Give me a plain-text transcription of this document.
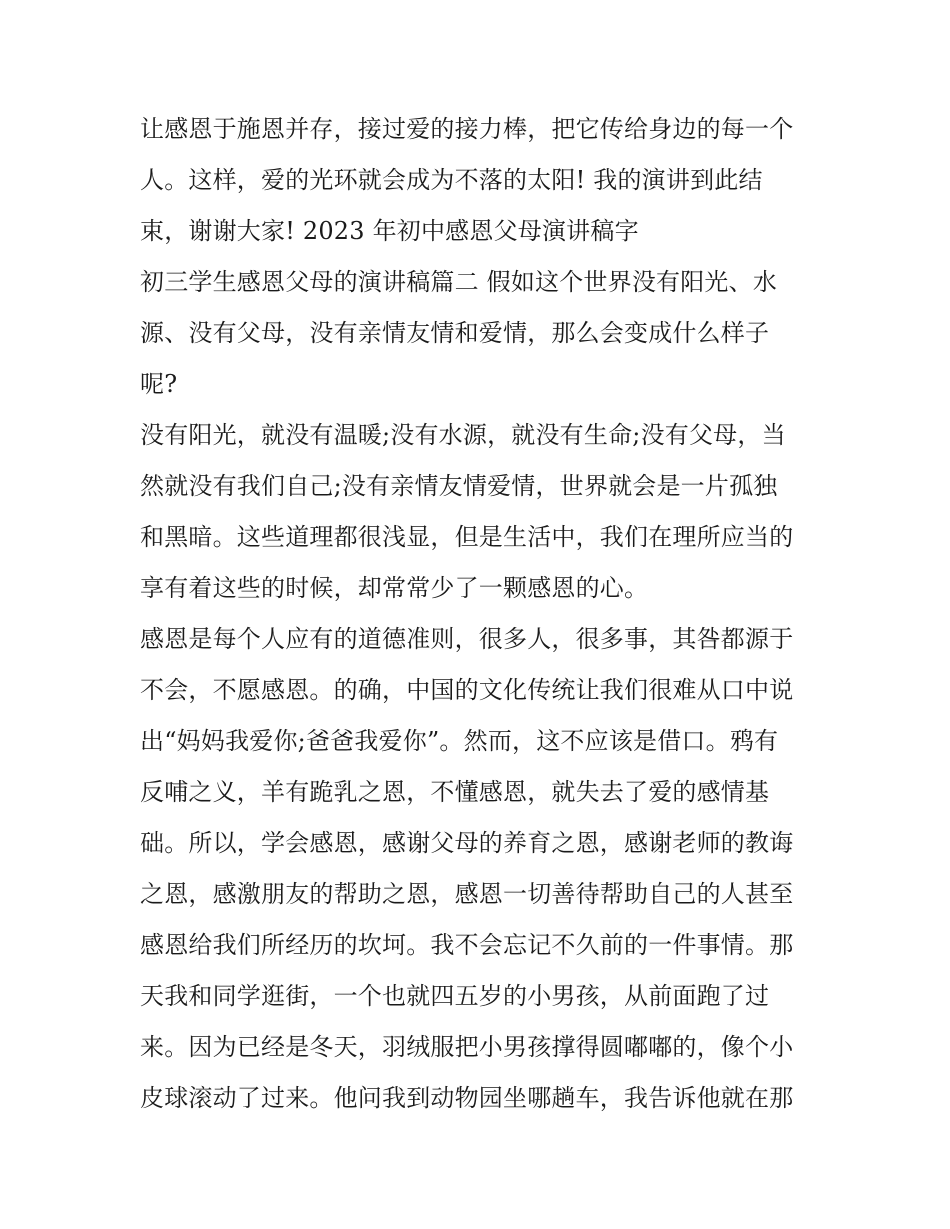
让感恩于施恩并存，接过爱的接力棒，把它传给身边的每一个
人。这样，爱的光环就会成为不落的太阳! 我的演讲到此结
束，谢谢大家! 2023 年初中感恩父母演讲稿字
初三学生感恩父母的演讲稿篇二 假如这个世界没有阳光、水
源、没有父母，没有亲情友情和爱情，那么会变成什么样子
呢?
没有阳光，就没有温暖;没有水源，就没有生命;没有父母，当
然就没有我们自己;没有亲情友情爱情，世界就会是一片孤独
和黑暗。这些道理都很浅显，但是生活中，我们在理所应当的
享有着这些的时候，却常常少了一颗感恩的心。
感恩是每个人应有的道德准则，很多人，很多事，其咎都源于
不会，不愿感恩。的确，中国的文化传统让我们很难从口中说
出“妈妈我爱你;爸爸我爱你”。然而，这不应该是借口。鸦有
反哺之义，羊有跪乳之恩，不懂感恩，就失去了爱的感情基
础。所以，学会感恩，感谢父母的养育之恩，感谢老师的教诲
之恩，感激朋友的帮助之恩，感恩一切善待帮助自己的人甚至
感恩给我们所经历的坎坷。我不会忘记不久前的一件事情。那
天我和同学逛街，一个也就四五岁的小男孩，从前面跑了过
来。因为已经是冬天，羽绒服把小男孩撑得圆嘟嘟的，像个小
皮球滚动了过来。他问我到动物园坐哪趟车，我告诉他就在那
